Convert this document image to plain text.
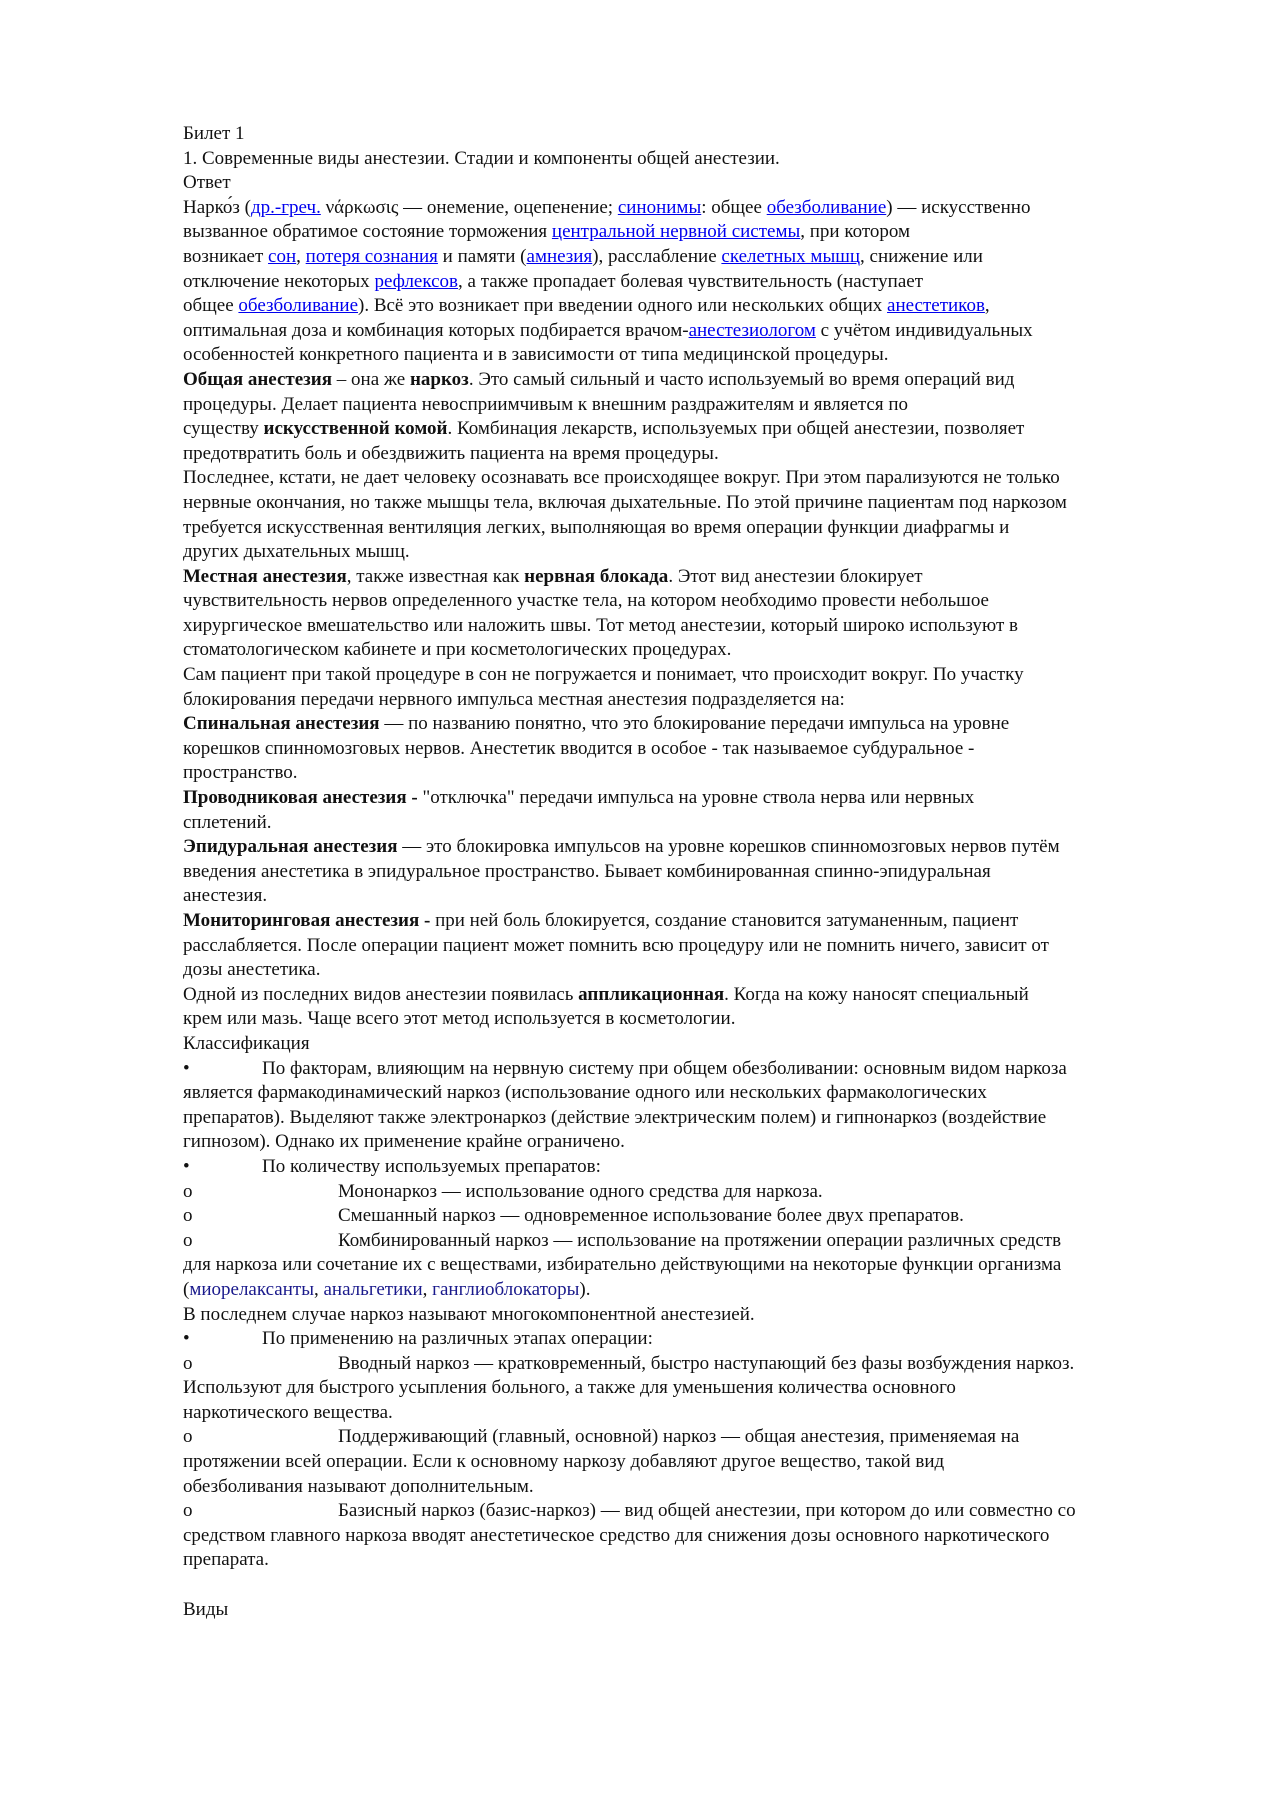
Билет 1
1. Современные виды анестезии. Стадии и компоненты общей анестезии.
Ответ
Нарко́з (др.-греч. νάρκωσις — онемение, оцепенение; синонимы: общее обезболивание) — искусственно
вызванное обратимое состояние торможения центральной нервной системы, при котором
возникает сон, потеря сознания и памяти (амнезия), расслабление скелетных мышц, снижение или
отключение некоторых рефлексов, а также пропадает болевая чувствительность (наступает
общее обезболивание). Всё это возникает при введении одного или нескольких общих анестетиков,
оптимальная доза и комбинация которых подбирается врачом-анестезиологом с учётом индивидуальных
особенностей конкретного пациента и в зависимости от типа медицинской процедуры.
Общая анестезия – она же наркоз. Это самый сильный и часто используемый во время операций вид
процедуры. Делает пациента невосприимчивым к внешним раздражителям и является по
существу искусственной комой. Комбинация лекарств, используемых при общей анестезии, позволяет
предотвратить боль и обездвижить пациента на время процедуры.
Последнее, кстати, не дает человеку осознавать все происходящее вокруг. При этом парализуются не только
нервные окончания, но также мышцы тела, включая дыхательные. По этой причине пациентам под наркозом
требуется искусственная вентиляция легких, выполняющая во время операции функции диафрагмы и
других дыхательных мышц.
Местная анестезия, также известная как нервная блокада. Этот вид анестезии блокирует
чувствительность нервов определенного участке тела, на котором необходимо провести небольшое
хирургическое вмешательство или наложить швы. Тот метод анестезии, который широко используют в
стоматологическом кабинете и при косметологических процедурах.
Сам пациент при такой процедуре в сон не погружается и понимает, что происходит вокруг. По участку
блокирования передачи нервного импульса местная анестезия подразделяется на:
Спинальная анестезия — по названию понятно, что это блокирование передачи импульса на уровне
корешков спинномозговых нервов. Анестетик вводится в особое - так называемое субдуральное -
пространство.
Проводниковая анестезия - "отключка" передачи импульса на уровне ствола нерва или нервных
сплетений.
Эпидуральная анестезия — это блокировка импульсов на уровне корешков спинномозговых нервов путём
введения анестетика в эпидуральное пространство. Бывает комбинированная спинно-эпидуральная
анестезия.
Мониторинговая анестезия - при ней боль блокируется, создание становится затуманенным, пациент
расслабляется. После операции пациент может помнить всю процедуру или не помнить ничего, зависит от
дозы анестетика.
Одной из последних видов анестезии появилась аппликационная. Когда на кожу наносят специальный
крем или мазь. Чаще всего этот метод используется в косметологии.
Классификация
•	По факторам, влияющим на нервную систему при общем обезболивании: основным видом наркоза
является фармакодинамический наркоз (использование одного или нескольких фармакологических
препаратов). Выделяют также электронаркоз (действие электрическим полем) и гипнонаркоз (воздействие
гипнозом). Однако их применение крайне ограничено.
•	По количеству используемых препаратов:
o	Мононаркоз — использование одного средства для наркоза.
o	Смешанный наркоз — одновременное использование более двух препаратов.
o	Комбинированный наркоз — использование на протяжении операции различных средств
для наркоза или сочетание их с веществами, избирательно действующими на некоторые функции организма
(миорелаксанты, анальгетики, ганглиоблокаторы).
В последнем случае наркоз называют многокомпонентной анестезией.
•	По применению на различных этапах операции:
o	Вводный наркоз — кратковременный, быстро наступающий без фазы возбуждения наркоз.
Используют для быстрого усыпления больного, а также для уменьшения количества основного
наркотического вещества.
o	Поддерживающий (главный, основной) наркоз — общая анестезия, применяемая на
протяжении всей операции. Если к основному наркозу добавляют другое вещество, такой вид
обезболивания называют дополнительным.
o	Базисный наркоз (базис-наркоз) — вид общей анестезии, при котором до или совместно со
средством главного наркоза вводят анестетическое средство для снижения дозы основного наркотического
препарата.
Виды
